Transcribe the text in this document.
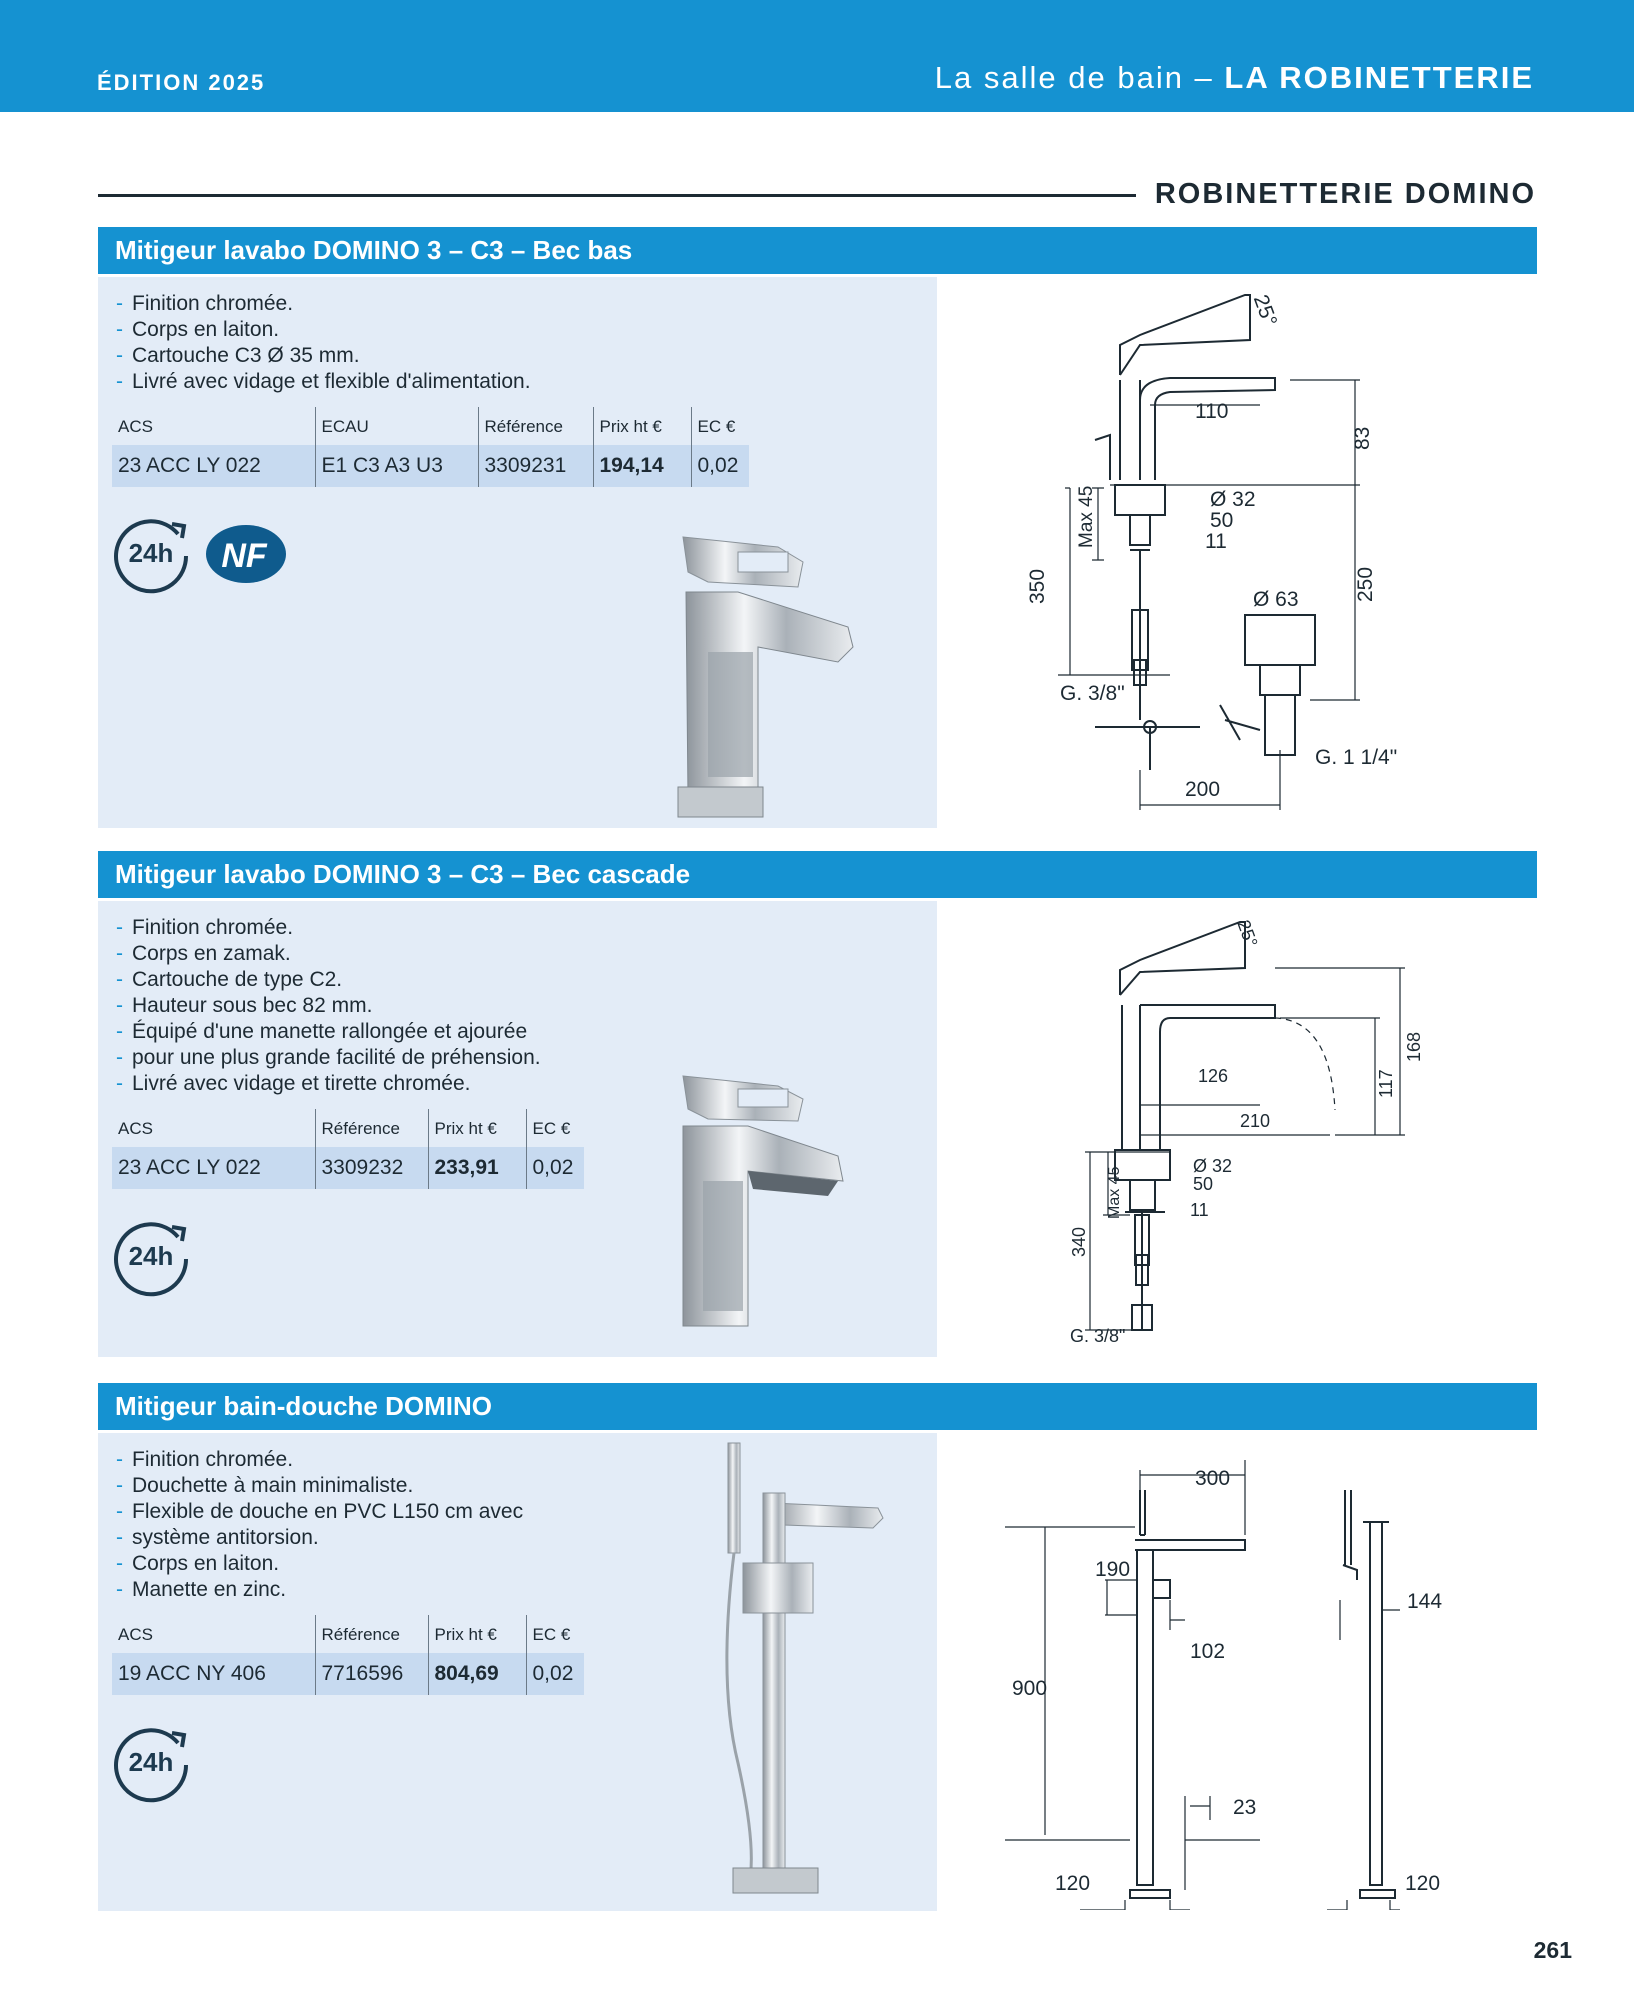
ÉDITION 2025	La salle de bain – LA ROBINETTERIE
ROBINETTERIE DOMINO
Mitigeur lavabo DOMINO 3 – C3 – Bec bas
- Finition chromée.
- Corps en laiton.
- Cartouche C3 Ø 35 mm.
- Livré avec vidage et flexible d'alimentation.
ACS	ECAU	Référence	Prix ht €	EC €
23 ACC LY 022	E1 C3 A3 U3	3309231	194,14	0,02
24h NF
25°
110
83
Max 45	Ø 32
50
11
350	250
Ø 63
G. 3/8"
G. 1 1/4"
200
Mitigeur lavabo DOMINO 3 – C3 – Bec cascade
- Finition chromée.
- Corps en zamak.
- Cartouche de type C2.
- Hauteur sous bec 82 mm.
- Équipé d'une manette rallongée et ajourée
- pour une plus grande facilité de préhension.
- Livré avec vidage et tirette chromée.
ACS	Référence	Prix ht €	EC €
23 ACC LY 022	3309232	233,91	0,02
24h
25°
126
210
117
168
Max 45
Ø 32
50
11
340
G. 3/8"
Mitigeur bain-douche DOMINO
- Finition chromée.
- Douchette à main minimaliste.
- Flexible de douche en PVC L150 cm avec
- système antitorsion.
- Corps en laiton.
- Manette en zinc.
ACS	Référence	Prix ht €	EC €
19 ACC NY 406	7716596	804,69	0,02
24h
300
190
102
900
23
120
144
120
261
